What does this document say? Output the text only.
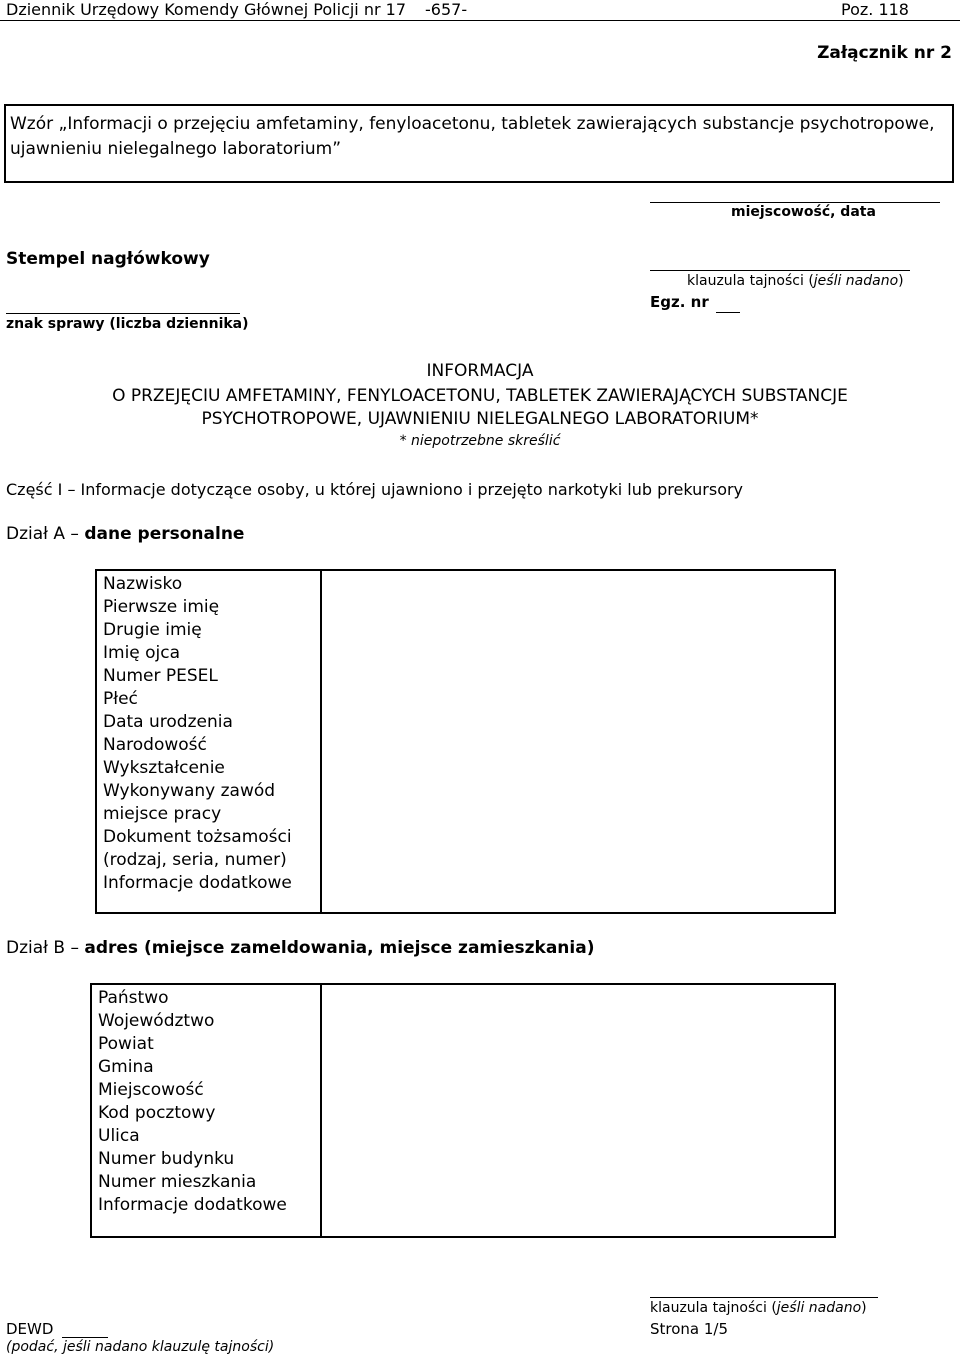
Dziennik Urzędowy Komendy Głównej Policji nr 17 -657-	Poz. 118
Załącznik nr 2
Wzór „Informacji o przejęciu amfetaminy, fenyloacetonu, tabletek zawierających substancje psychotropowe,
ujawnieniu nielegalnego laboratorium”
miejscowość, data
Stempel nagłówkowy
znak sprawy (liczba dziennika)
klauzula tajności (jeśli nadano)
Egz. nr
INFORMACJA
O PRZEJĘCIU AMFETAMINY, FENYLOACETONU, TABLETEK ZAWIERAJĄCYCH SUBSTANCJE
PSYCHOTROPOWE, UJAWNIENIU NIELEGALNEGO LABORATORIUM*
* niepotrzebne skreślić
Część I – Informacje dotyczące osoby, u której ujawniono i przejęto narkotyki lub prekursory
Dział A – dane personalne
Nazwisko
Pierwsze imię
Drugie imię
Imię ojca
Numer PESEL
Płeć
Data urodzenia
Narodowość
Wykształcenie
Wykonywany zawód
miejsce pracy
Dokument tożsamości
(rodzaj, seria, numer)
Informacje dodatkowe

Dział B – adres (miejsce zameldowania, miejsce zamieszkania)
Państwo
Województwo
Powiat
Gmina
Miejscowość
Kod pocztowy
Ulica
Numer budynku
Numer mieszkania
Informacje dodatkowe

klauzula tajności (jeśli nadano)
DEWD	Strona 1/5
(podać, jeśli nadano klauzulę tajności)
